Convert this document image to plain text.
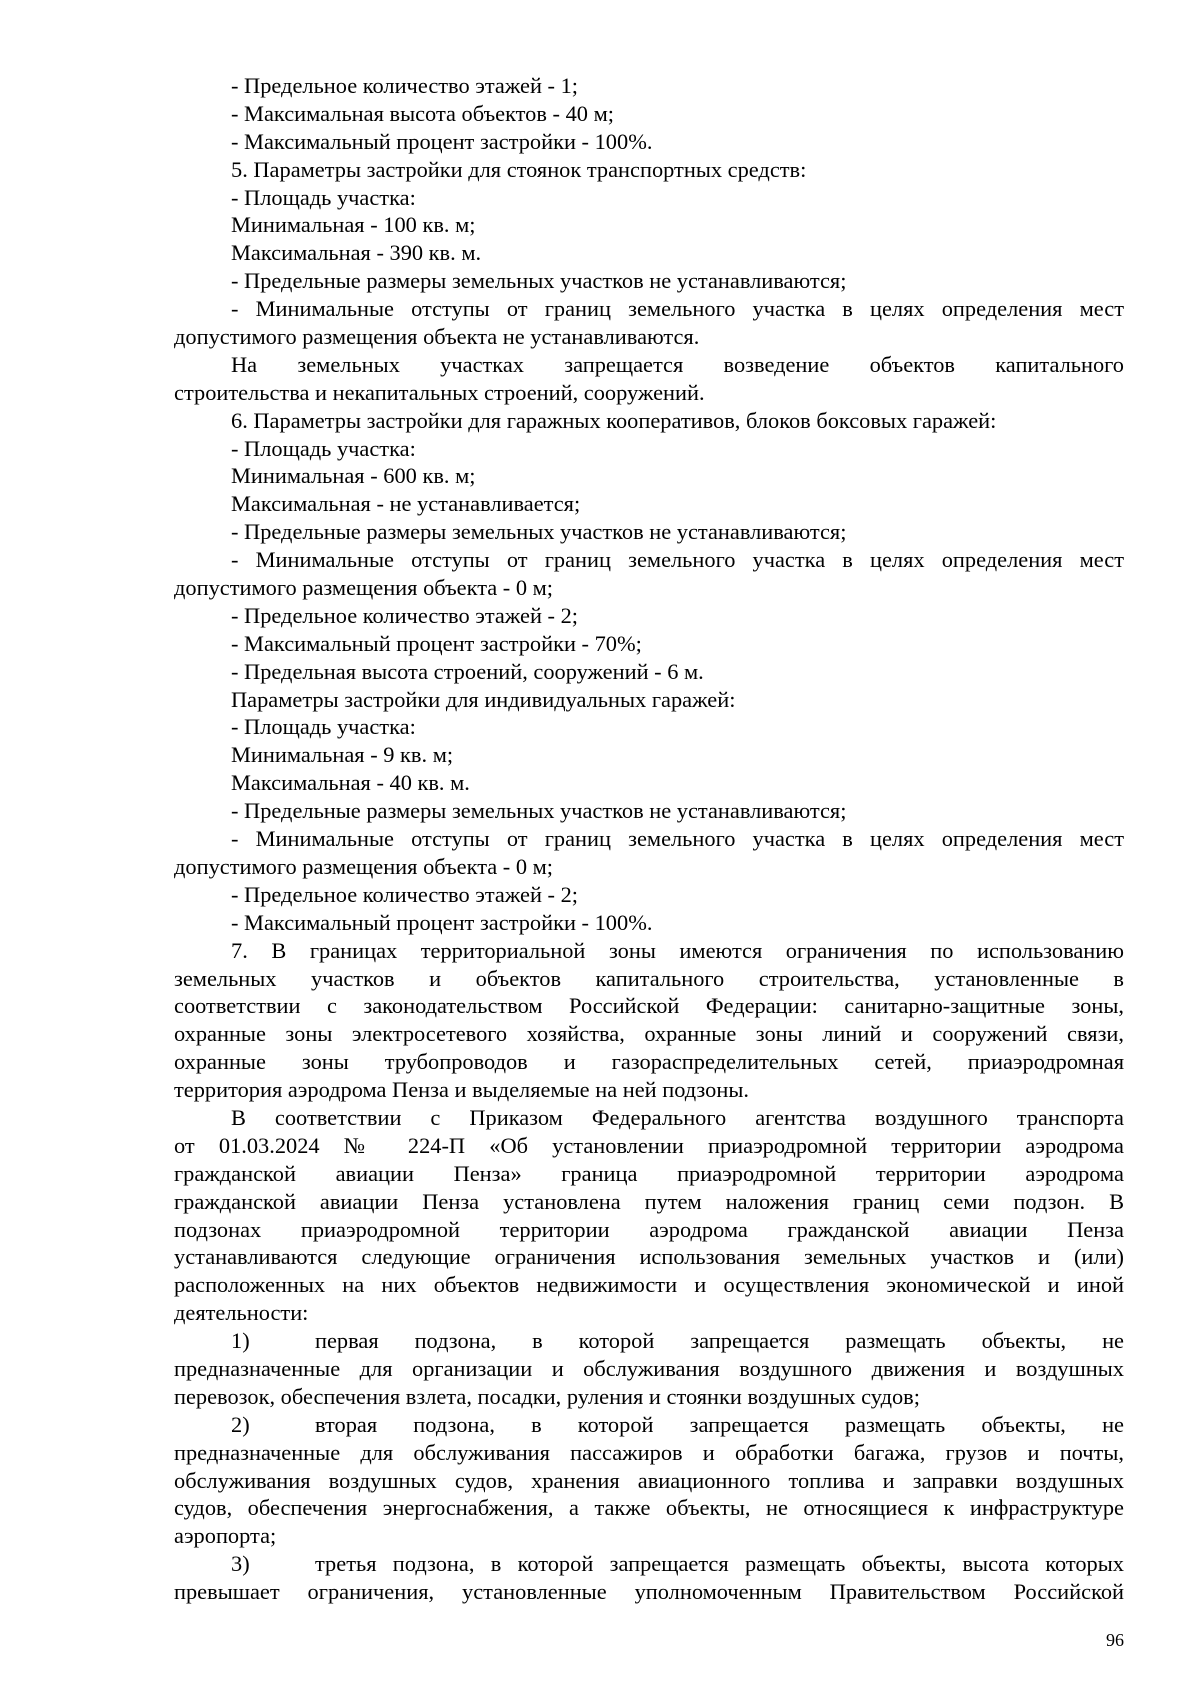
- Предельное количество этажей - 1;
- Максимальная высота объектов - 40 м;
- Максимальный процент застройки - 100%.
5. Параметры застройки для стоянок транспортных средств:
- Площадь участка:
Минимальная - 100 кв. м;
Максимальная - 390 кв. м.
- Предельные размеры земельных участков не устанавливаются;
- Минимальные отступы от границ земельного участка в целях определения мест
допустимого размещения объекта не устанавливаются.
На земельных участках запрещается возведение объектов капитального
строительства и некапитальных строений, сооружений.
6. Параметры застройки для гаражных кооперативов, блоков боксовых гаражей:
- Площадь участка:
Минимальная - 600 кв. м;
Максимальная - не устанавливается;
- Предельные размеры земельных участков не устанавливаются;
- Минимальные отступы от границ земельного участка в целях определения мест
допустимого размещения объекта - 0 м;
- Предельное количество этажей - 2;
- Максимальный процент застройки - 70%;
- Предельная высота строений, сооружений - 6 м.
Параметры застройки для индивидуальных гаражей:
- Площадь участка:
Минимальная - 9 кв. м;
Максимальная - 40 кв. м.
- Предельные размеры земельных участков не устанавливаются;
- Минимальные отступы от границ земельного участка в целях определения мест
допустимого размещения объекта - 0 м;
- Предельное количество этажей - 2;
- Максимальный процент застройки - 100%.
7. В границах территориальной зоны имеются ограничения по использованию
земельных участков и объектов капитального строительства, установленные в
соответствии с законодательством Российской Федерации: санитарно-защитные зоны,
охранные зоны электросетевого хозяйства, охранные зоны линий и сооружений связи,
охранные зоны трубопроводов и газораспределительных сетей, приаэродромная
территория аэродрома Пенза и выделяемые на ней подзоны.
В соответствии с Приказом Федерального агентства воздушного транспорта
от 01.03.2024 № 224-П «Об установлении приаэродромной территории аэродрома
гражданской авиации Пенза» граница приаэродромной территории аэродрома
гражданской авиации Пенза установлена путем наложения границ семи подзон. В
подзонах приаэродромной территории аэродрома гражданской авиации Пенза
устанавливаются следующие ограничения использования земельных участков и (или)
расположенных на них объектов недвижимости и осуществления экономической и иной
деятельности:
1)	первая подзона, в которой запрещается размещать объекты, не
предназначенные для организации и обслуживания воздушного движения и воздушных
перевозок, обеспечения взлета, посадки, руления и стоянки воздушных судов;
2)	вторая подзона, в которой запрещается размещать объекты, не
предназначенные для обслуживания пассажиров и обработки багажа, грузов и почты,
обслуживания воздушных судов, хранения авиационного топлива и заправки воздушных
судов, обеспечения энергоснабжения, а также объекты, не относящиеся к инфраструктуре
аэропорта;
3)	третья подзона, в которой запрещается размещать объекты, высота которых
превышает ограничения, установленные уполномоченным Правительством Российской
96
